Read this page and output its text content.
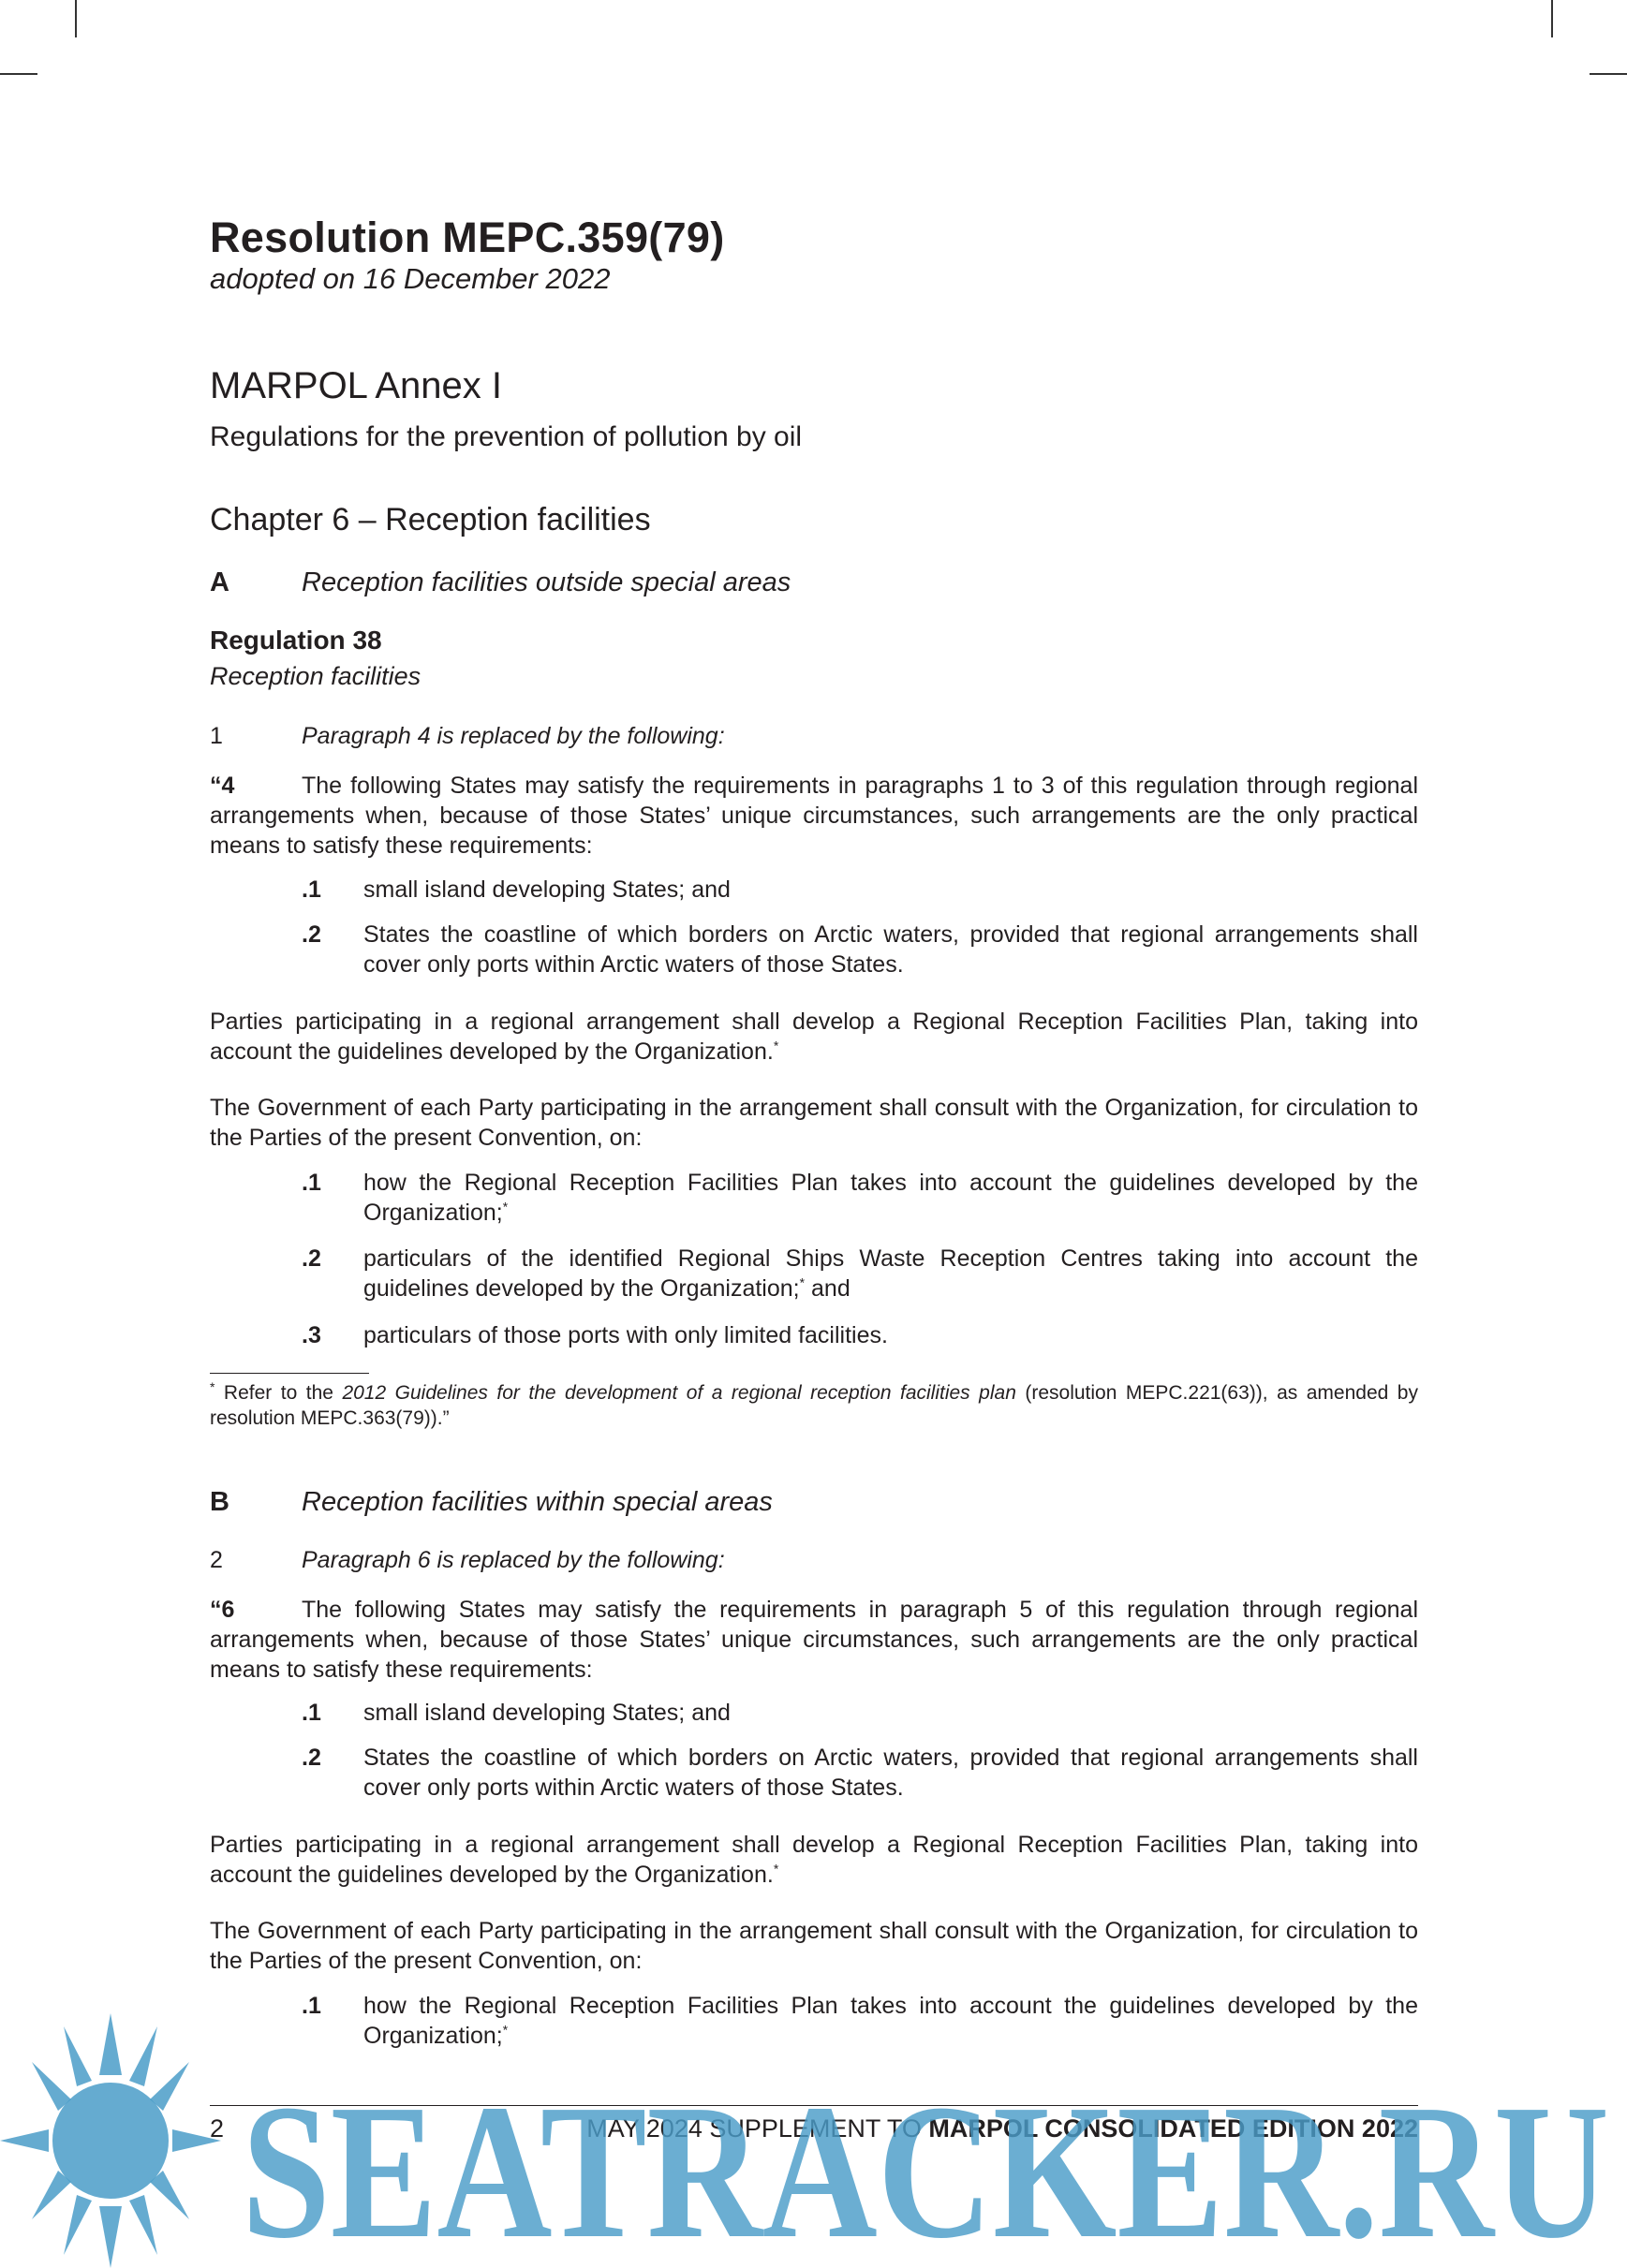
Resolution MEPC.359(79)
adopted on 16 December 2022
MARPOL Annex I
Regulations for the prevention of pollution by oil
Chapter 6 – Reception facilities
A	Reception facilities outside special areas
Regulation 38
Reception facilities
1	Paragraph 4 is replaced by the following:
“4	The following States may satisfy the requirements in paragraphs 1 to 3 of this regulation through regional arrangements when, because of those States’ unique circumstances, such arrangements are the only practical means to satisfy these requirements:
.1 small island developing States; and
.2 States the coastline of which borders on Arctic waters, provided that regional arrangements shall cover only ports within Arctic waters of those States.
Parties participating in a regional arrangement shall develop a Regional Reception Facilities Plan, taking into account the guidelines developed by the Organization.*
The Government of each Party participating in the arrangement shall consult with the Organization, for circulation to the Parties of the present Convention, on:
.1 how the Regional Reception Facilities Plan takes into account the guidelines developed by the Organization;*
.2 particulars of the identified Regional Ships Waste Reception Centres taking into account the guidelines developed by the Organization;* and
.3 particulars of those ports with only limited facilities.
* Refer to the 2012 Guidelines for the development of a regional reception facilities plan (resolution MEPC.221(63)), as amended by resolution MEPC.363(79)).”
B	Reception facilities within special areas
2	Paragraph 6 is replaced by the following:
“6	The following States may satisfy the requirements in paragraph 5 of this regulation through regional arrangements when, because of those States’ unique circumstances, such arrangements are the only practical means to satisfy these requirements:
.1 small island developing States; and
.2 States the coastline of which borders on Arctic waters, provided that regional arrangements shall cover only ports within Arctic waters of those States.
Parties participating in a regional arrangement shall develop a Regional Reception Facilities Plan, taking into account the guidelines developed by the Organization.*
The Government of each Party participating in the arrangement shall consult with the Organization, for circulation to the Parties of the present Convention, on:
.1 how the Regional Reception Facilities Plan takes into account the guidelines developed by the Organization;*
2	MAY 2024 SUPPLEMENT TO MARPOL CONSOLIDATED EDITION 2022
SEATRACKER.RU
